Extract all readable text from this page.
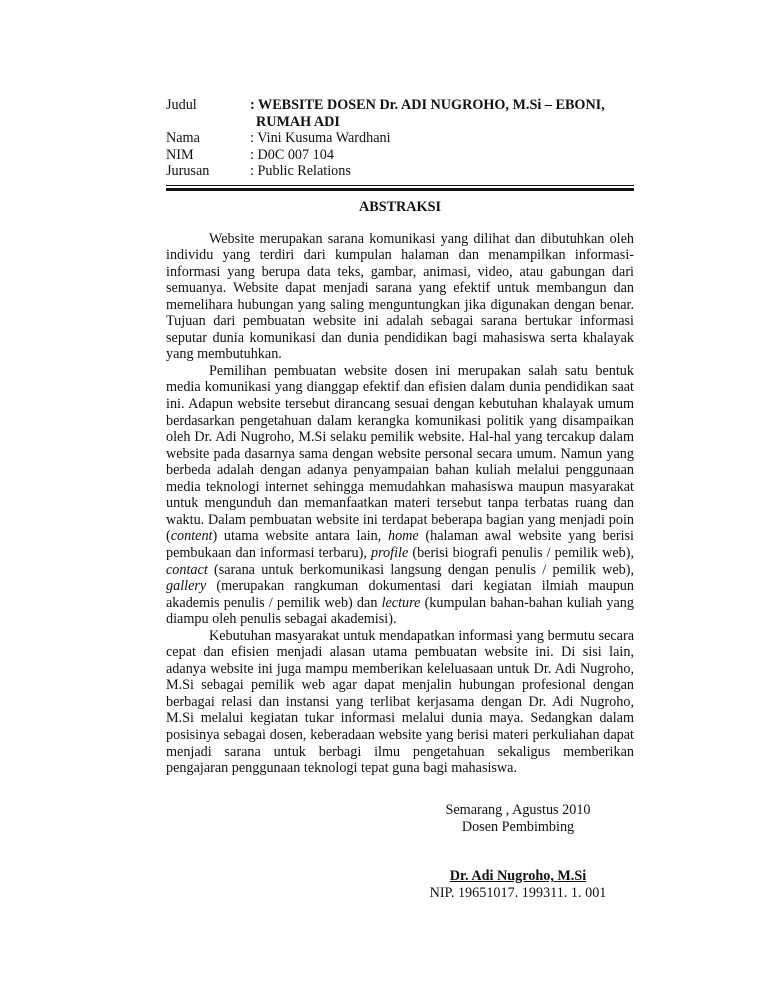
Judul	: WEBSITE DOSEN Dr. ADI NUGROHO, M.Si – EBONI, RUMAH ADI
Nama	: Vini Kusuma Wardhani
NIM	: D0C 007 104
Jurusan	: Public Relations
ABSTRAKSI

Website merupakan sarana komunikasi yang dilihat dan dibutuhkan oleh individu yang terdiri dari kumpulan halaman dan menampilkan informasi-informasi yang berupa data teks, gambar, animasi, video, atau gabungan dari semuanya. Website dapat menjadi sarana yang efektif untuk membangun dan memelihara hubungan yang saling menguntungkan jika digunakan dengan benar. Tujuan dari pembuatan website ini adalah sebagai sarana bertukar informasi seputar dunia komunikasi dan dunia pendidikan bagi mahasiswa serta khalayak yang membutuhkan.

Pemilihan pembuatan website dosen ini merupakan salah satu bentuk media komunikasi yang dianggap efektif dan efisien dalam dunia pendidikan saat ini. Adapun website tersebut dirancang sesuai dengan kebutuhan khalayak umum berdasarkan pengetahuan dalam kerangka komunikasi politik yang disampaikan oleh Dr. Adi Nugroho, M.Si selaku pemilik website. Hal-hal yang tercakup dalam website pada dasarnya sama dengan website personal secara umum. Namun yang berbeda adalah dengan adanya penyampaian bahan kuliah melalui penggunaan media teknologi internet sehingga memudahkan mahasiswa maupun masyarakat untuk mengunduh dan memanfaatkan materi tersebut tanpa terbatas ruang dan waktu. Dalam pembuatan website ini terdapat beberapa bagian yang menjadi poin (content) utama website antara lain, home (halaman awal website yang berisi pembukaan dan informasi terbaru), profile (berisi biografi penulis / pemilik web), contact (sarana untuk berkomunikasi langsung dengan penulis / pemilik web), gallery (merupakan rangkuman dokumentasi dari kegiatan ilmiah maupun akademis penulis / pemilik web) dan lecture (kumpulan bahan-bahan kuliah yang diampu oleh penulis sebagai akademisi).

Kebutuhan masyarakat untuk mendapatkan informasi yang bermutu secara cepat dan efisien menjadi alasan utama pembuatan website ini. Di sisi lain, adanya website ini juga mampu memberikan keleluasaan untuk Dr. Adi Nugroho, M.Si sebagai pemilik web agar dapat menjalin hubungan profesional dengan berbagai relasi dan instansi yang terlibat kerjasama dengan Dr. Adi Nugroho, M.Si melalui kegiatan tukar informasi melalui dunia maya. Sedangkan dalam posisinya sebagai dosen, keberadaan website yang berisi materi perkuliahan dapat menjadi sarana untuk berbagi ilmu pengetahuan sekaligus memberikan pengajaran penggunaan teknologi tepat guna bagi mahasiswa.

Semarang , Agustus 2010
Dosen Pembimbing
Dr. Adi Nugroho, M.Si
NIP. 19651017. 199311. 1. 001
